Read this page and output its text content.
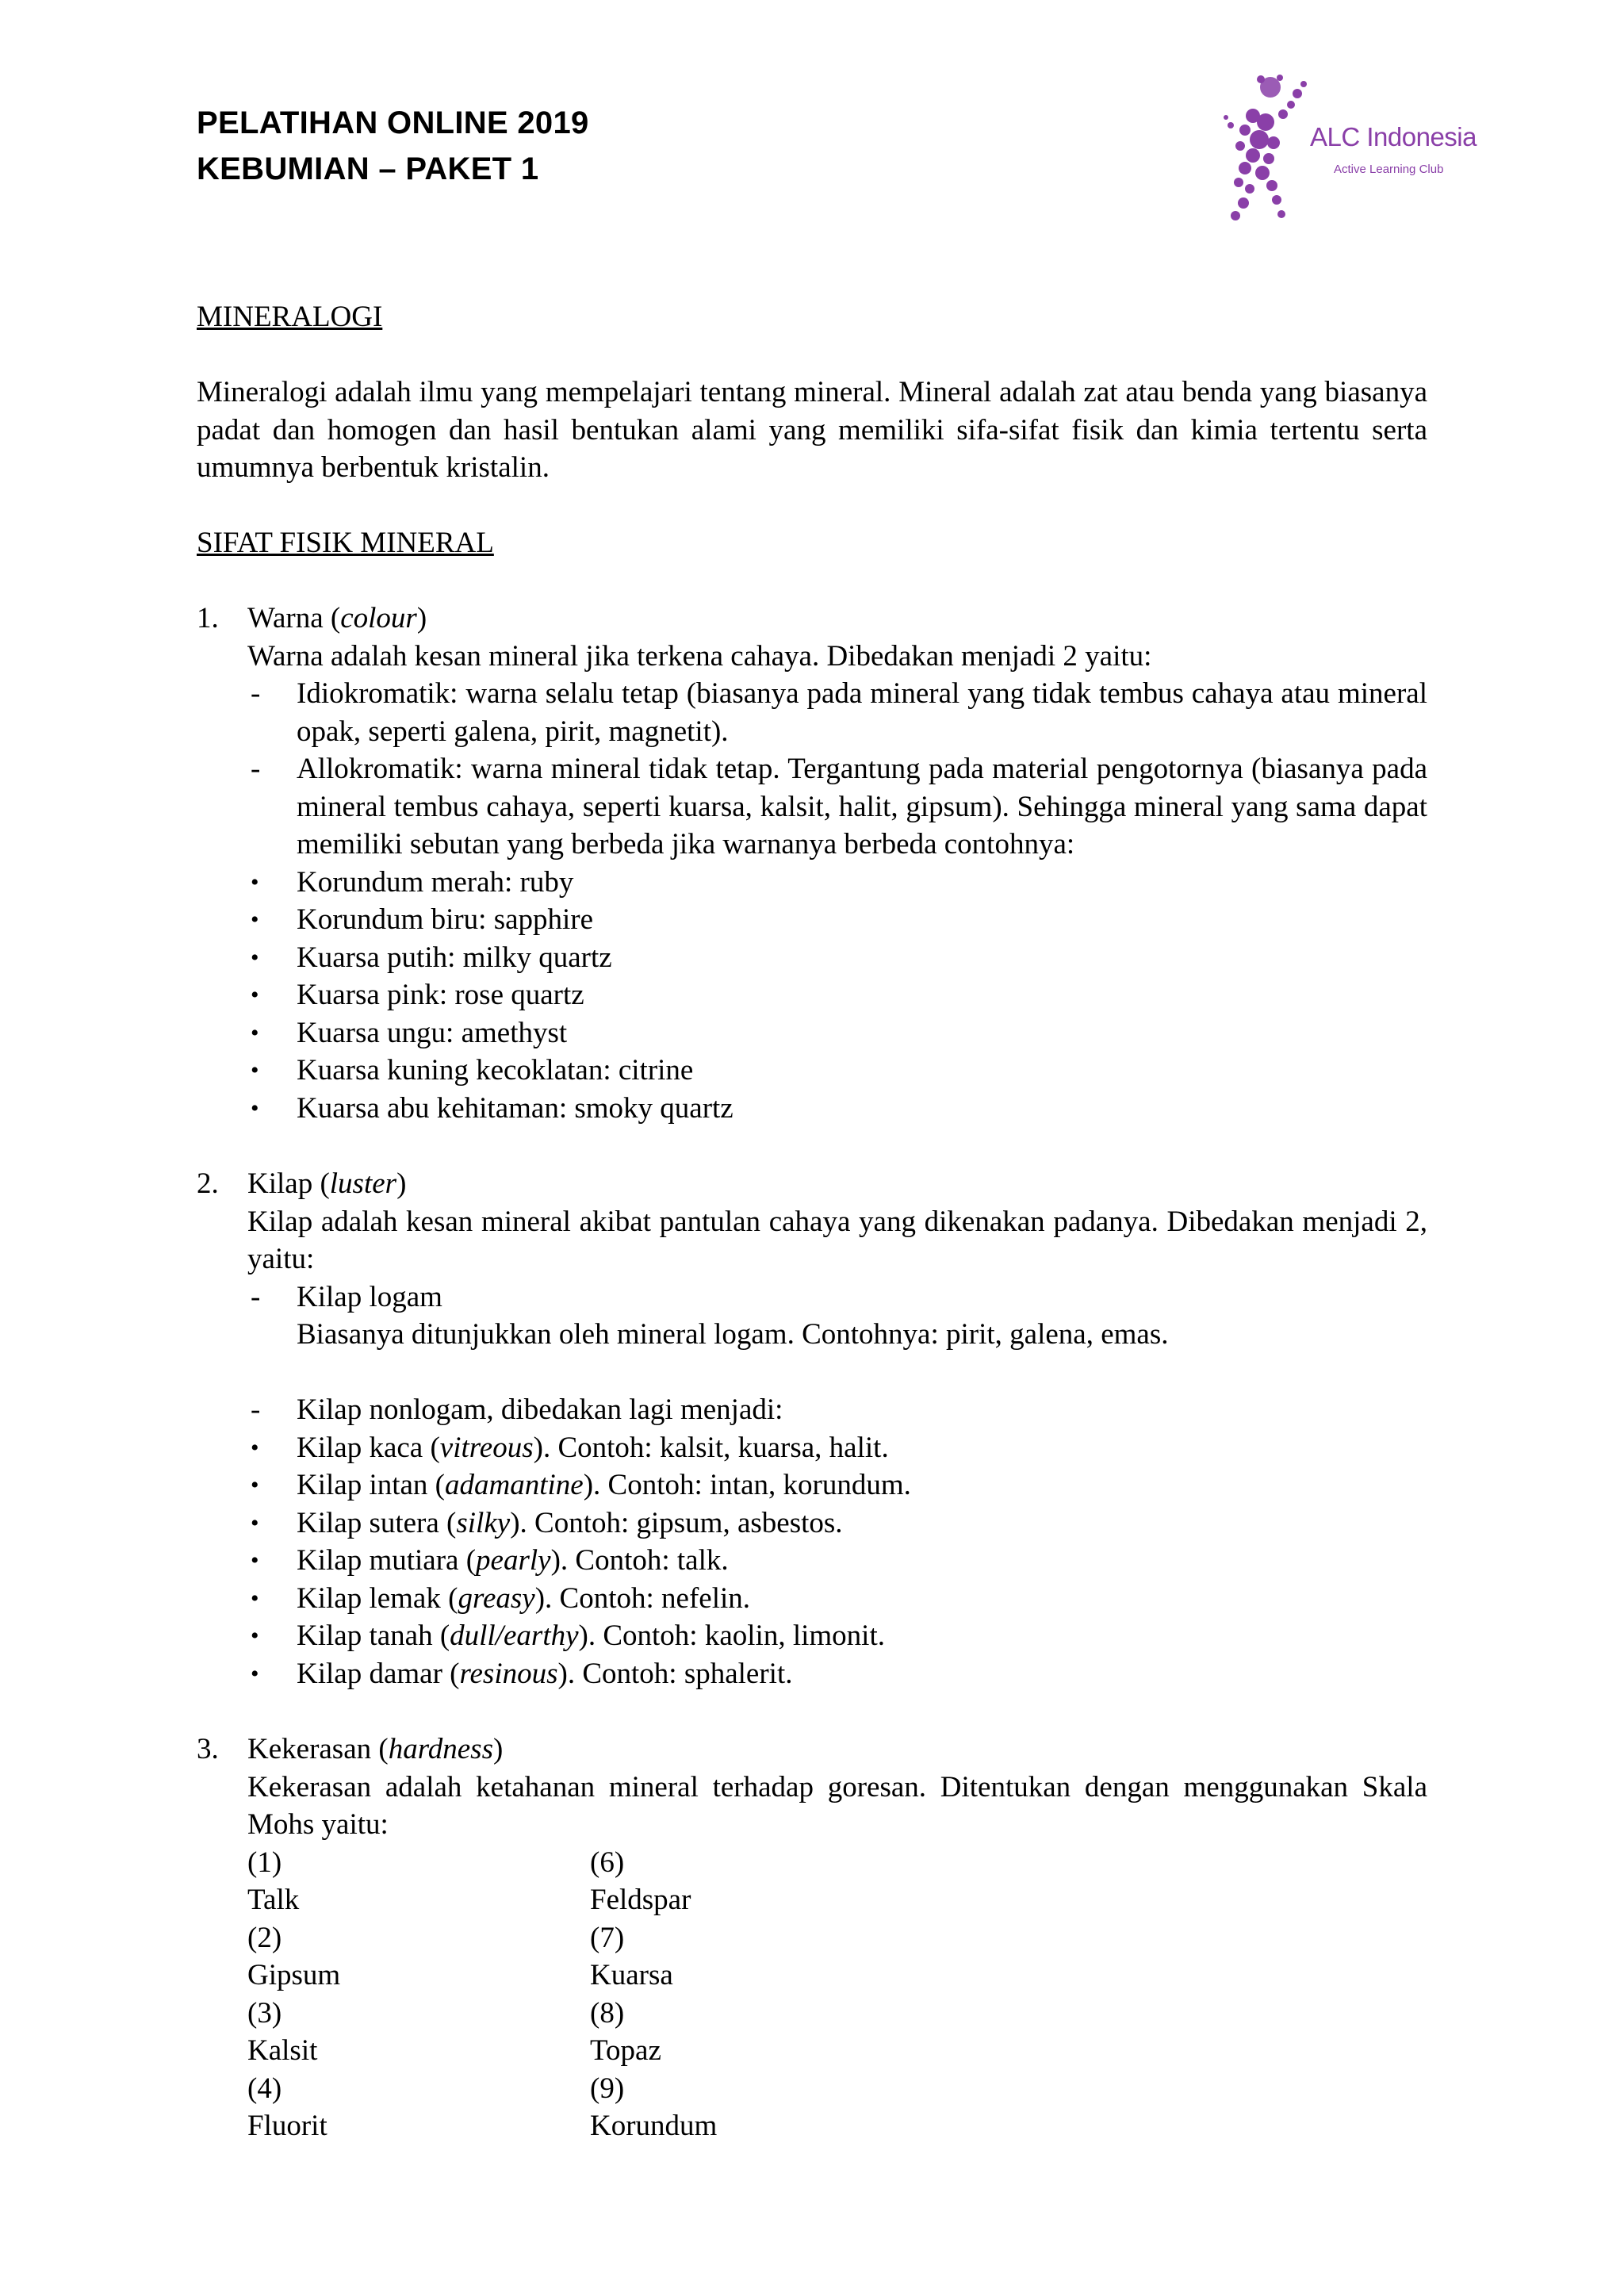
PELATIHAN ONLINE 2019
KEBUMIAN – PAKET 1
ALC Indonesia
Active Learning Club

MINERALOGI

Mineralogi adalah ilmu yang mempelajari tentang mineral. Mineral adalah zat atau benda yang biasanya padat dan homogen dan hasil bentukan alami yang memiliki sifa-sifat fisik dan kimia tertentu serta umumnya berbentuk kristalin.

SIFAT FISIK MINERAL

1. Warna (colour)
Warna adalah kesan mineral jika terkena cahaya. Dibedakan menjadi 2 yaitu:
- Idiokromatik: warna selalu tetap (biasanya pada mineral yang tidak tembus cahaya atau mineral opak, seperti galena, pirit, magnetit).
- Allokromatik: warna mineral tidak tetap. Tergantung pada material pengotornya (biasanya pada mineral tembus cahaya, seperti kuarsa, kalsit, halit, gipsum). Sehingga mineral yang sama dapat memiliki sebutan yang berbeda jika warnanya berbeda contohnya:
• Korundum merah: ruby
• Korundum biru: sapphire
• Kuarsa putih: milky quartz
• Kuarsa pink: rose quartz
• Kuarsa ungu: amethyst
• Kuarsa kuning kecoklatan: citrine
• Kuarsa abu kehitaman: smoky quartz
2. Kilap (luster)
Kilap adalah kesan mineral akibat pantulan cahaya yang dikenakan padanya. Dibedakan menjadi 2, yaitu:
- Kilap logam
Biasanya ditunjukkan oleh mineral logam. Contohnya: pirit, galena, emas.
- Kilap nonlogam, dibedakan lagi menjadi:
• Kilap kaca (vitreous). Contoh: kalsit, kuarsa, halit.
• Kilap intan (adamantine). Contoh: intan, korundum.
• Kilap sutera (silky). Contoh: gipsum, asbestos.
• Kilap mutiara (pearly). Contoh: talk.
• Kilap lemak (greasy). Contoh: nefelin.
• Kilap tanah (dull/earthy). Contoh: kaolin, limonit.
• Kilap damar (resinous). Contoh: sphalerit.
3. Kekerasan (hardness)
Kekerasan adalah ketahanan mineral terhadap goresan. Ditentukan dengan menggunakan Skala Mohs yaitu:
(1)
Talk
(6)
Feldspar
(2)
Gipsum
(7)
Kuarsa
(3)
Kalsit
(8)
Topaz
(4)
Fluorit
(9)
Korundum
